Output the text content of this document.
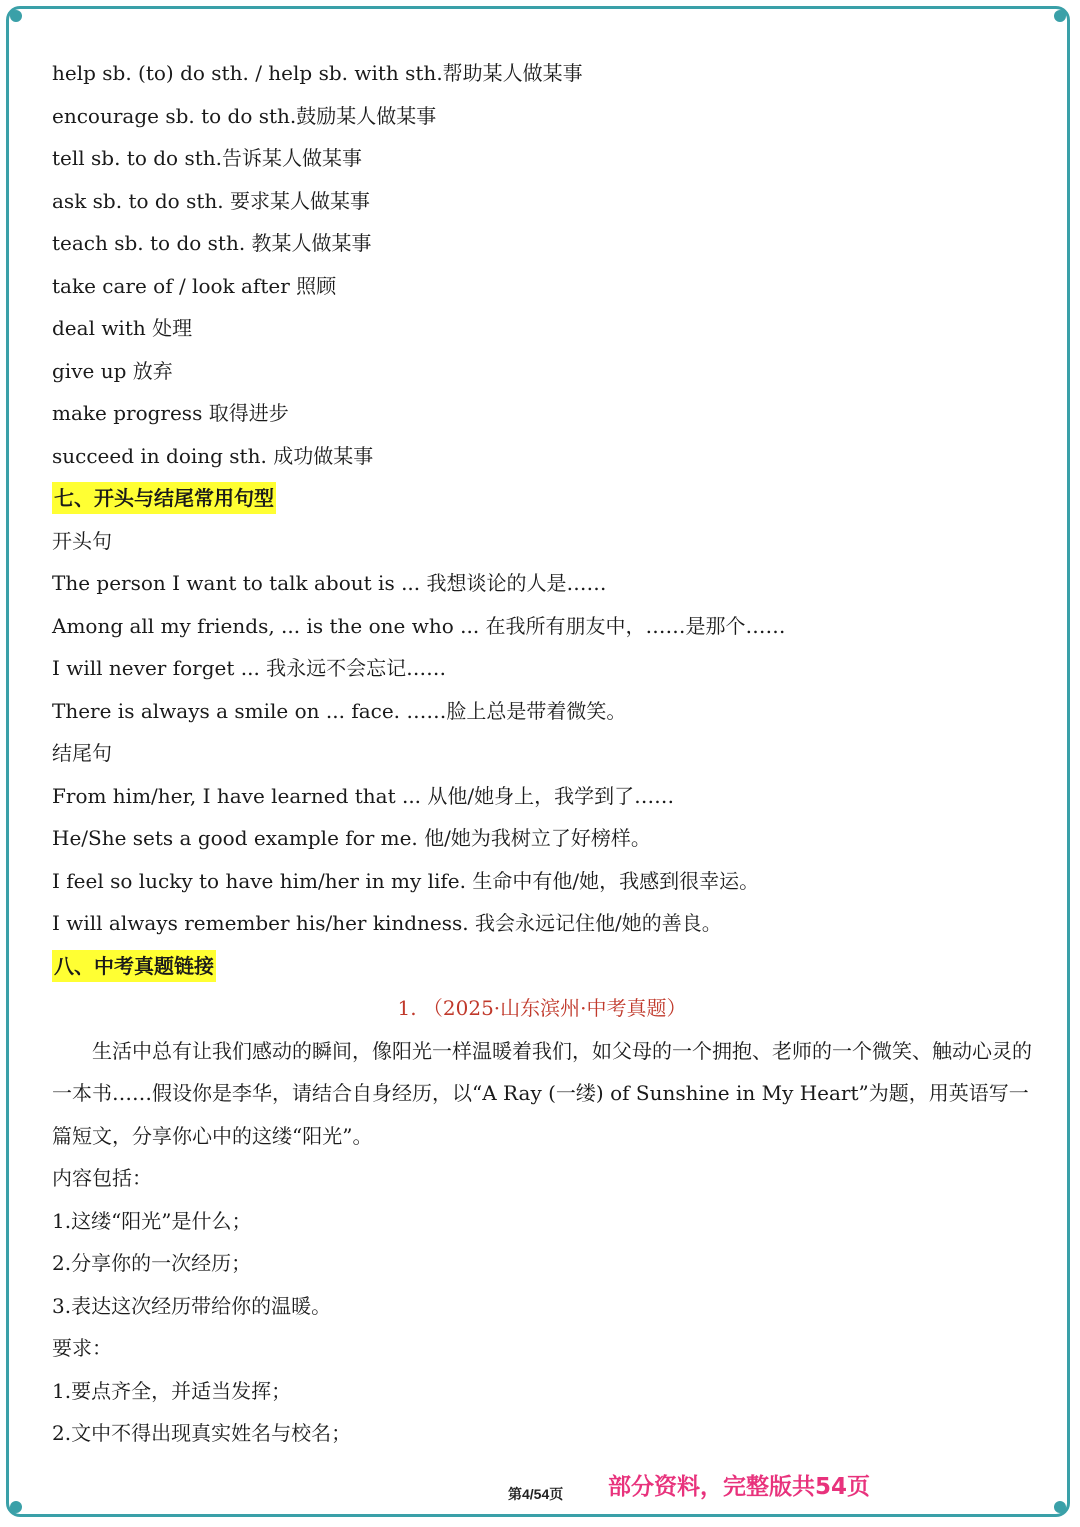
help sb. (to) do sth. / help sb. with sth.帮助某人做某事
encourage sb. to do sth.鼓励某人做某事
tell sb. to do sth.告诉某人做某事
ask sb. to do sth. 要求某人做某事
teach sb. to do sth. 教某人做某事
take care of / look after 照顾
deal with 处理
give up 放弃
make progress 取得进步
succeed in doing sth. 成功做某事
七、开头与结尾常用句型
开头句
The person I want to talk about is ... 我想谈论的人是……
Among all my friends, ... is the one who ... 在我所有朋友中，……是那个……
I will never forget ... 我永远不会忘记……
There is always a smile on ... face. ……脸上总是带着微笑。
结尾句
From him/her, I have learned that ... 从他/她身上，我学到了……
He/She sets a good example for me. 他/她为我树立了好榜样。
I feel so lucky to have him/her in my life. 生命中有他/她，我感到很幸运。
I will always remember his/her kindness. 我会永远记住他/她的善良。
八、中考真题链接
1. （2025·山东滨州·中考真题）

生活中总有让我们感动的瞬间，像阳光一样温暖着我们，如父母的一个拥抱、老师的一个微笑、触动心灵的一本书……假设你是李华，请结合自身经历，以“A Ray (一缕) of Sunshine in My Heart”为题，用英语写一篇短文，分享你心中的这缕“阳光”。

内容包括：
1.这缕“阳光”是什么；
2.分享你的一次经历；
3.表达这次经历带给你的温暖。
要求：
1.要点齐全，并适当发挥；
2.文中不得出现真实姓名与校名；
第4/54页 部分资料，完整版共54页
